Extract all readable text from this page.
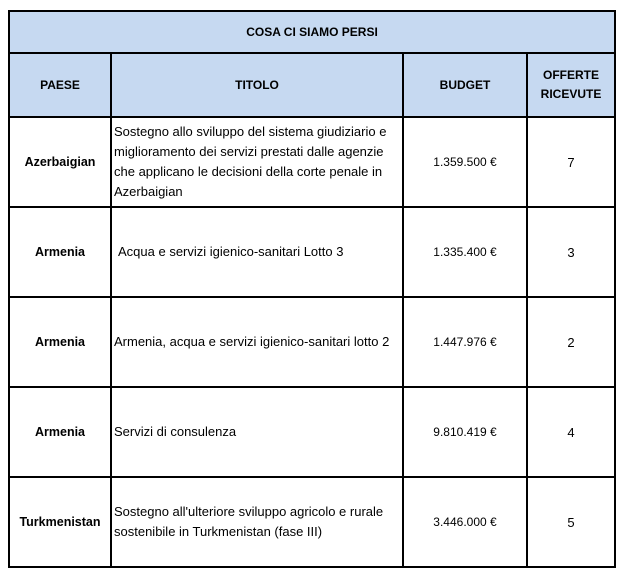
COSA CI SIAMO PERSI			
PAESE	TITOLO	BUDGET	OFFERTE RICEVUTE
Azerbaigian	Sostegno allo sviluppo del sistema giudiziario e miglioramento dei servizi prestati dalle agenzie che applicano le decisioni della corte penale in Azerbaigian	1.359.500 €	7
Armenia	Acqua e servizi igienico-sanitari Lotto 3	1.335.400 €	3
Armenia	Armenia, acqua e servizi igienico-sanitari lotto 2	1.447.976 €	2
Armenia	Servizi di consulenza	9.810.419 €	4
Turkmenistan	Sostegno all'ulteriore sviluppo agricolo e rurale sostenibile in Turkmenistan (fase III)	3.446.000 €	5
